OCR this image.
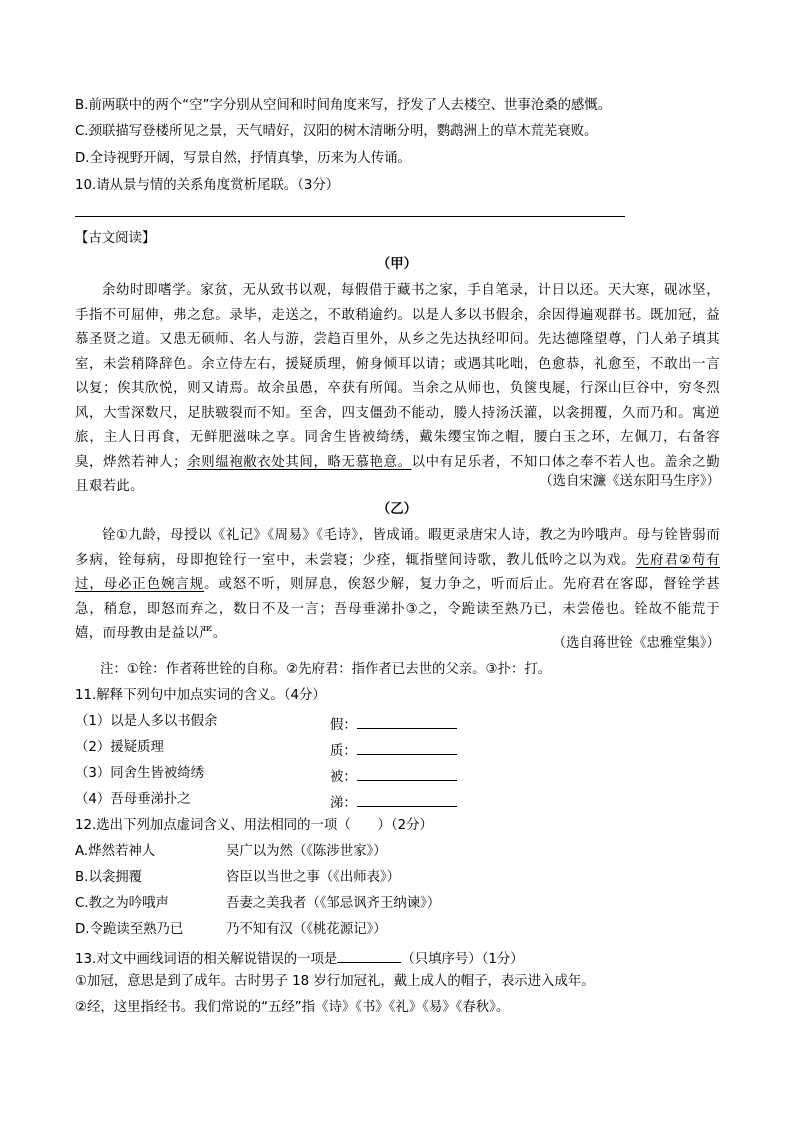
B.前两联中的两个“空”字分别从空间和时间角度来写，抒发了人去楼空、世事沧桑的感慨。
C.颈联描写登楼所见之景，天气晴好，汉阳的树木清晰分明，鹦鹉洲上的草木荒芜衰败。
D.全诗视野开阔，写景自然，抒情真挚，历来为人传诵。
10.请从景与情的关系角度赏析尾联。（3分）
【古文阅读】
（甲）
余幼时即嗜学。家贫，无从致书以观，每假借于藏书之家，手自笔录，计日以还。天大寒，砚冰坚，手指不可屈伸，弗之怠。录毕，走送之，不敢稍逾约。以是人多以书假余，余因得遍观群书。既加冠，益慕圣贤之道。又患无硕师、名人与游，尝趋百里外，从乡之先达执经叩问。先达德隆望尊，门人弟子填其室，未尝稍降辞色。余立侍左右，援疑质理，俯身倾耳以请；或遇其叱咄，色愈恭，礼愈至，不敢出一言以复；俟其欣悦，则又请焉。故余虽愚，卒获有所闻。当余之从师也，负箧曳屣，行深山巨谷中，穷冬烈风，大雪深数尺，足肤皲裂而不知。至舍，四支僵劲不能动，媵人持汤沃灌，以衾拥覆，久而乃和。寓逆旅，主人日再食，无鲜肥滋味之享。同舍生皆被绮绣，戴朱缨宝饰之帽，腰白玉之环，左佩刀，右备容臭，烨然若神人；余则缊袍敝衣处其间，略无慕艳意。以中有足乐者，不知口体之奉不若人也。盖余之勤且艰若此。	（选自宋濂《送东阳马生序》）
（乙）
铨①九龄，母授以《礼记》《周易》《毛诗》，皆成诵。暇更录唐宋人诗，教之为吟哦声。母与铨皆弱而多病，铨每病，母即抱铨行一室中，未尝寝；少痊，辄指壁间诗歌，教儿低吟之以为戏。先府君②苟有过，母必正色婉言规。或怒不听，则屏息，俟怒少解，复力争之，听而后止。先府君在客邸，督铨学甚急，稍怠，即怒而弃之，数日不及一言；吾母垂涕扑③之，令跪读至熟乃已，未尝倦也。铨故不能荒于嬉，而母教由是益以严。
（选自蒋世铨《忠雅堂集》）
注：①铨：作者蒋世铨的自称。②先府君：指作者已去世的父亲。③扑：打。
11.解释下列句中加点实词的含义。（4分）
（1）以是人多以书假余	假：
（2）援疑质理	质：
（3）同舍生皆被绮绣	被：
（4）吾母垂涕扑之	涕：
12.选出下列加点虚词含义、用法相同的一项（　　）（2分）
A.烨然若神人	吴广以为然（《陈涉世家》）
B.以衾拥覆	咨臣以当世之事（《出师表》）
C.教之为吟哦声	吾妻之美我者（《邹忌讽齐王纳谏》）
D.令跪读至熟乃已	乃不知有汉（《桃花源记》）
13.对文中画线词语的相关解说错误的一项是	（只填序号）（1分）
①加冠，意思是到了成年。古时男子 18 岁行加冠礼，戴上成人的帽子，表示进入成年。
②经，这里指经书。我们常说的“五经”指《诗》《书》《礼》《易》《春秋》。
